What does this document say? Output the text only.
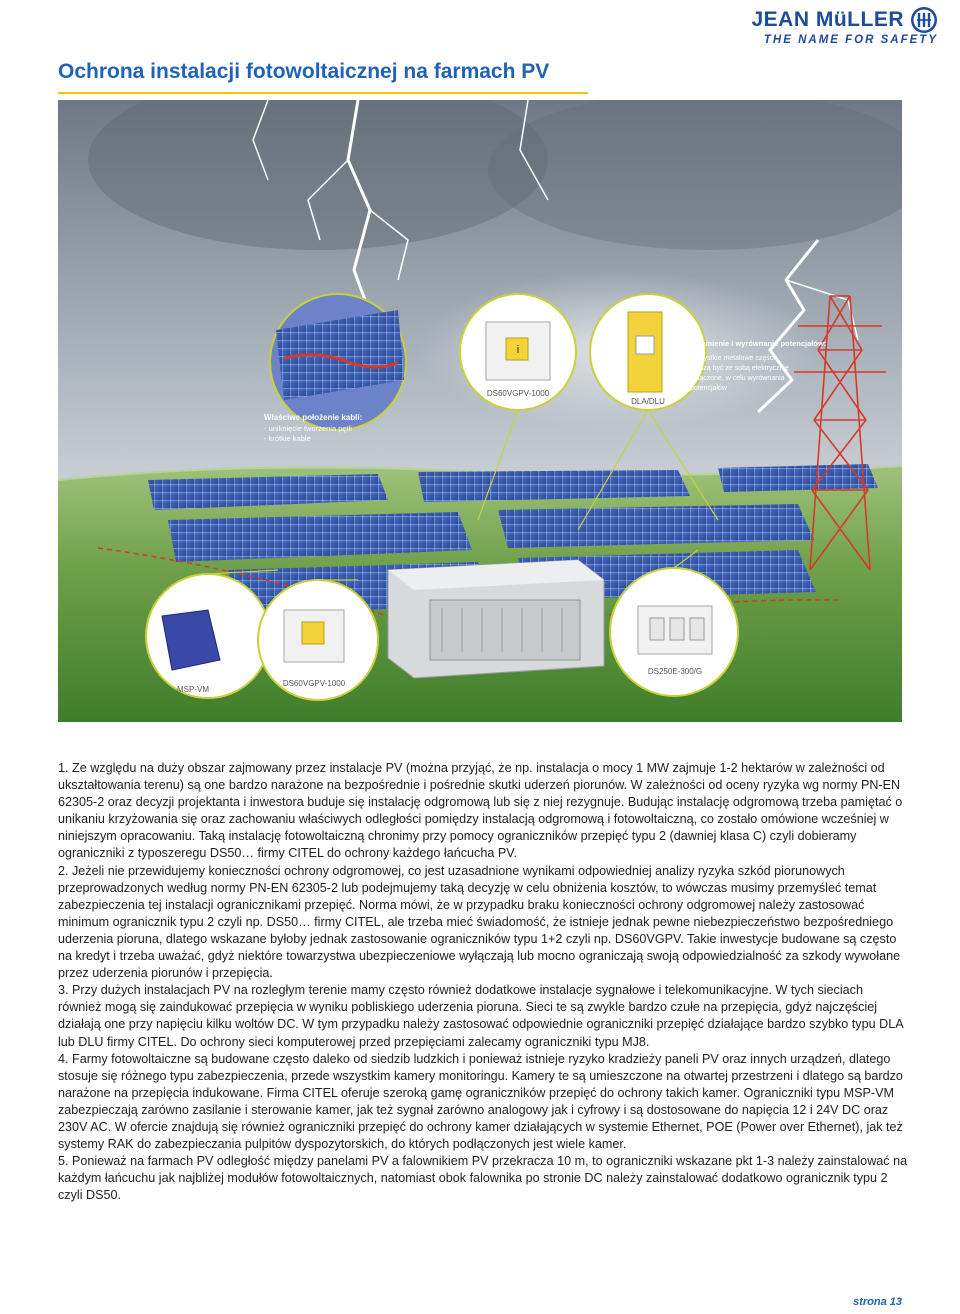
JEAN MüLLER
THE NAME FOR SAFETY
Ochrona instalacji fotowoltaicznej na farmach PV
i
DS60VGPV-1000
DLA/DLU
MSP-VM
DS60VGPV-1000
DS250E-300/G
Właściwe położenie kabli:
- uniknięcie tworzenia pętli
- krótkie kable
Uziemienie i wyrównanie potencjałów:
Wszystkie metalowe części
muszą być ze sobą elektrycznie
połączone, w celu wyrównania
potencjałów

1. Ze względu na duży obszar zajmowany przez instalacje PV (można przyjąć, że np. instalacja o mocy 1 MW zajmuje 1-2 hektarów w zależności od ukształtowania terenu) są one bardzo narażone na bezpośrednie i pośrednie skutki uderzeń piorunów. W zależności od oceny ryzyka wg normy PN-EN 62305-2 oraz decyzji projektanta i inwestora buduje się instalację odgromową lub się z niej rezygnuje. Budując instalację odgromową trzeba pamiętać o unikaniu krzyżowania się oraz zachowaniu właściwych odległości pomiędzy instalacją odgromową i fotowoltaiczną, co zostało omówione wcześniej w niniejszym opracowaniu. Taką instalację fotowoltaiczną chronimy przy pomocy ograniczników przepięć typu 2 (dawniej klasa C) czyli dobieramy ograniczniki z typoszeregu DS50… firmy CITEL do ochrony każdego łańcucha PV.

2. Jeżeli nie przewidujemy konieczności ochrony odgromowej, co jest uzasadnione wynikami odpowiedniej analizy ryzyka szkód piorunowych przeprowadzonych według normy PN-EN 62305-2 lub podejmujemy taką decyzję w celu obniżenia kosztów, to wówczas musimy przemyśleć temat zabezpieczenia tej instalacji ogranicznikami przepięć. Norma mówi, że w przypadku braku konieczności ochrony odgromowej należy zastosować minimum ogranicznik typu 2 czyli np. DS50… firmy CITEL, ale trzeba mieć świadomość, że istnieje jednak pewne niebezpieczeństwo bezpośredniego uderzenia pioruna, dlatego wskazane byłoby jednak zastosowanie ograniczników typu 1+2 czyli np. DS60VGPV. Takie inwestycje budowane są często na kredyt i trzeba uważać, gdyż niektóre towarzystwa ubezpieczeniowe wyłączają lub mocno ograniczają swoją odpowiedzialność za szkody wywołane przez uderzenia piorunów i przepięcia.

3. Przy dużych instalacjach PV na rozległym terenie mamy często również dodatkowe instalacje sygnałowe i telekomunikacyjne. W tych sieciach również mogą się zaindukować przepięcia w wyniku pobliskiego uderzenia pioruna. Sieci te są zwykle bardzo czułe na przepięcia, gdyż najczęściej działają one przy napięciu kilku woltów DC. W tym przypadku należy zastosować odpowiednie ograniczniki przepięć działające bardzo szybko typu DLA lub DLU firmy CITEL. Do ochrony sieci komputerowej przed przepięciami zalecamy ograniczniki typu MJ8.

4. Farmy fotowoltaiczne są budowane często daleko od siedzib ludzkich i ponieważ istnieje ryzyko kradzieży paneli PV oraz innych urządzeń, dlatego stosuje się różnego typu zabezpieczenia, przede wszystkim kamery monitoringu. Kamery te są umieszczone na otwartej przestrzeni i dlatego są bardzo narażone na przepięcia indukowane. Firma CITEL oferuje szeroką gamę ograniczników przepięć do ochrony takich kamer. Ograniczniki typu MSP-VM zabezpieczają zarówno zasilanie i sterowanie kamer, jak też sygnał zarówno analogowy jak i cyfrowy i są dostosowane do napięcia 12 i 24V DC oraz 230V AC. W ofercie znajdują się również ograniczniki przepięć do ochrony kamer działających w systemie Ethernet, POE (Power over Ethernet), jak też systemy RAK do zabezpieczania pulpitów dyspozytorskich, do których podłączonych jest wiele kamer.

5. Ponieważ na farmach PV odległość między panelami PV a falownikiem PV przekracza 10 m, to ograniczniki wskazane pkt 1-3 należy zainstalować na każdym łańcuchu jak najbliżej modułów fotowoltaicznych, natomiast obok falownika po stronie DC należy zainstalować dodatkowo ogranicznik typu 2 czyli DS50.

strona 13
